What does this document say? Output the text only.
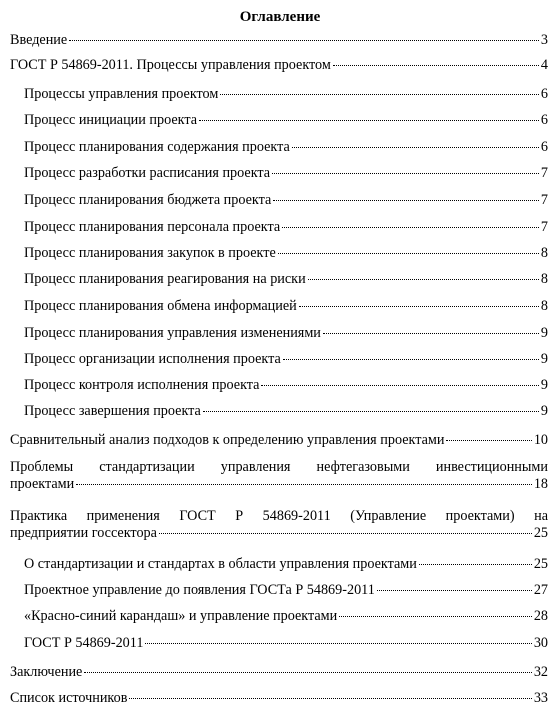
Оглавление
Введение	3
ГОСТ Р 54869-2011. Процессы управления проектом	4
Процессы управления проектом	6
Процесс инициации проекта	6
Процесс планирования содержания проекта	6
Процесс разработки расписания проекта	7
Процесс планирования бюджета проекта	7
Процесс планирования персонала проекта	7
Процесс планирования закупок в проекте	8
Процесс планирования реагирования на риски	8
Процесс планирования обмена информацией	8
Процесс планирования управления изменениями	9
Процесс организации исполнения проекта	9
Процесс контроля исполнения проекта	9
Процесс завершения проекта	9
Сравнительный анализ подходов к определению управления проектами	10
Проблемы стандартизации управления нефтегазовыми инвестиционными
проектами	18
Практика применения ГОСТ Р 54869-2011 (Управление проектами) на
предприятии госсектора	25
О стандартизации и стандартах в области управления проектами	25
Проектное управление до появления ГОСТа Р 54869-2011	27
«Красно-синий карандаш» и управление проектами	28
ГОСТ Р 54869-2011	30
Заключение	32
Список источников	33
